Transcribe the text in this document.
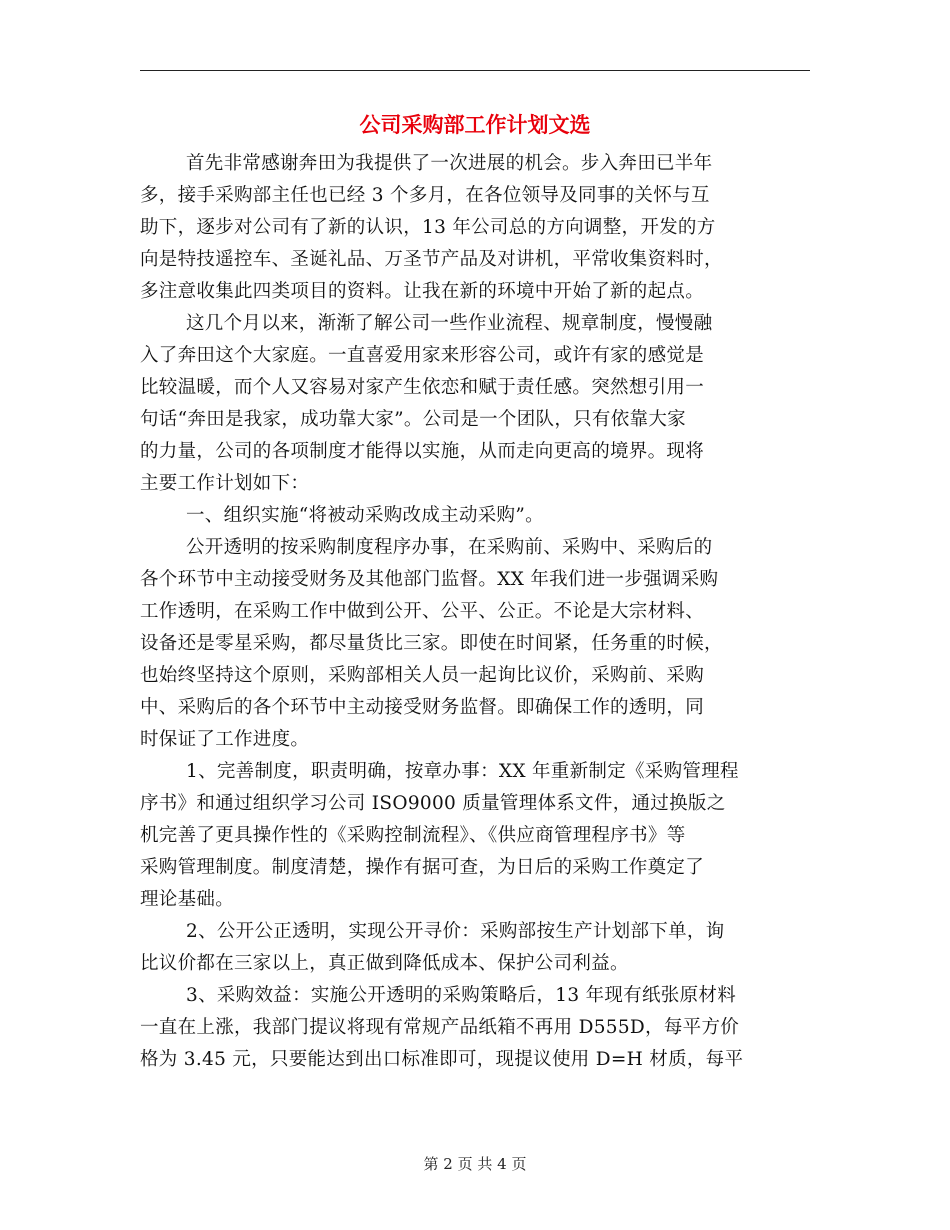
公司采购部工作计划文选
首先非常感谢奔田为我提供了一次进展的机会。步入奔田已半年
多，接手采购部主任也已经 3 个多月，在各位领导及同事的关怀与互
助下，逐步对公司有了新的认识，13 年公司总的方向调整，开发的方
向是特技遥控车、圣诞礼品、万圣节产品及对讲机，平常收集资料时，
多注意收集此四类项目的资料。让我在新的环境中开始了新的起点。
这几个月以来，渐渐了解公司一些作业流程、规章制度，慢慢融
入了奔田这个大家庭。一直喜爱用家来形容公司，或许有家的感觉是
比较温暖，而个人又容易对家产生依恋和赋于责任感。突然想引用一
句话“奔田是我家，成功靠大家”。公司是一个团队，只有依靠大家
的力量，公司的各项制度才能得以实施，从而走向更高的境界。现将
主要工作计划如下：
一、组织实施“将被动采购改成主动采购”。
公开透明的按采购制度程序办事，在采购前、采购中、采购后的
各个环节中主动接受财务及其他部门监督。XX 年我们进一步强调采购
工作透明，在采购工作中做到公开、公平、公正。不论是大宗材料、
设备还是零星采购，都尽量货比三家。即使在时间紧，任务重的时候，
也始终坚持这个原则，采购部相关人员一起询比议价，采购前、采购
中、采购后的各个环节中主动接受财务监督。即确保工作的透明，同
时保证了工作进度。
1、完善制度，职责明确，按章办事：XX 年重新制定《采购管理程
序书》和通过组织学习公司 ISO9000 质量管理体系文件，通过换版之
机完善了更具操作性的《采购控制流程》、《供应商管理程序书》等
采购管理制度。制度清楚，操作有据可查，为日后的采购工作奠定了
理论基础。
2、公开公正透明，实现公开寻价：采购部按生产计划部下单，询
比议价都在三家以上，真正做到降低成本、保护公司利益。
3、采购效益：实施公开透明的采购策略后，13 年现有纸张原材料
一直在上涨，我部门提议将现有常规产品纸箱不再用 D555D，每平方价
格为 3.45 元，只要能达到出口标准即可，现提议使用 D=H 材质，每平
第 2 页 共 4 页
